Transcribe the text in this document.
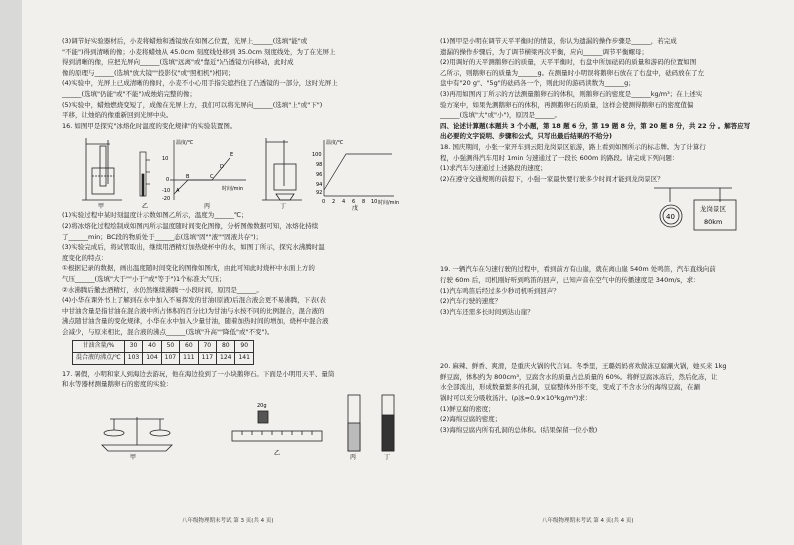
(3)调节好实验器材后，小麦将蜡烛和透镜放在如图乙位置，光屏上______(选填"能"或

"不能")得到清晰的像；小麦将蜡烛从 45.0cm 刻度线处移到 35.0cm 刻度线处，为了在光屏上

得到清晰的像，应把光屏向______(选填"远离"或"靠近")凸透镜方向移动，此时成

像的原理与______(选填"放大镜""投影仪"或"照相机")相同；

(4)实验中，光屏上已成清晰的像时，小麦不小心用手指尖遮挡住了凸透镜的一部分，这时光屏上

______(选填"仍能"或"不能")成烛焰完整的像；

(5)实验中，蜡烛燃烧变短了，成像在光屏上方，我们可以将光屏向______(选填"上"或"下")

平移，让烛焰的像重新回到光屏中央。

16. 如图甲是探究"冰熔化时温度的变化规律"的实验装置图。

温度/℃
时间/min
10
0
-10
-20
A
B	C
D
E
温度/℃
时间/min
100
98
96
94
92
0 2 4 6 8 10
甲	乙	丙	丁	戊

(1)实验过程中某时刻温度计示数如图乙所示，温度为______℃；

(2)将冰熔化过程绘制成如图丙所示温度随时间变化图像，分析图像数据可知，冰熔化持续

了______min；BC段的物质处于______态(选填"固""液""固液共存")；

(3)实验完成后，将试管取出，继续用酒精灯加热烧杯中的水，如图丁所示，探究水沸腾时温

度变化的特点：

①根据记录的数据，画出温度随时间变化的图像如图戊，由此可知此时烧杯中水面上方的

气压______(选填"大于""小于"或"等于")1个标准大气压；

②水沸腾后撤去酒精灯，水仍然继续沸腾一小段时间，原因是______。

(4)小华在课外书上了解到在水中加入不易挥发的甘油(原液)后混合液会更不易沸腾，下表(表

中甘油含量是指甘油在混合液中所占体积的百分比)为甘油与水按不同的比例混合，混合液的

沸点随甘油含量的变化规律，小华在水中加入少量甘油，随着加热时间的增加，烧杯中混合液

会减少，与原来相比，混合液的沸点______(选填"升高""降低"或"不变")。

甘油含量/%	30	40	50	60	70	80	90
混合液的沸点/℃	103	104	107	111	117	124	141

17. 暑假，小明和家人到海边去游玩，他在海边捡到了一小块鹅卵石。下面是小明用天平、量筒

和水等器材测量鹅卵石的密度的实验：

20g
甲
乙
丙	丁
八年级物理期末考试 第 3 页(共 4 页)

(1)图甲是小明在调节天平平衡时的情景，你认为遗漏的操作步骤是______，若完成

遗漏的操作步骤后，为了调节横梁再次平衡，应向______调节平衡螺母；

(2)用调好的天平测鹅卵石的质量，天平平衡时，右盘中所加砝码的质量和游码的位置如图

乙所示，则鹅卵石的质量为______g。在测量时小明误将鹅卵石放在了右盘中，砝码放在了左

盘中有"20 g"、"5g"的砝码各一个，则此时的游码读数为______g；

(3)再用如图丙丁所示的方法测量鹅卵石的体积，则鹅卵石的密度是______kg/m³；在上述实

验方案中，如果先测鹅卵石的体积，再测鹅卵石的质量，这样会使测得鹅卵石的密度值偏

______(选填"大"或"小")，原因是______。

四、论述计算题(本题共 3 个小题，第 18 题 6 分，第 19 题 8 分，第 20 题 8 分，共 22 分 。解答应写

出必要的文字说明、步骤和公式，只写出最后结果的不给分)

18. 国庆期间，小张一家开车到云阳龙岗景区旅游，路上看到如图所示的标志牌。为了计算行

程，小强测得汽车用时 1min 匀速通过了一段长 600m 的路段。请完成下列问题：

(1)求汽车匀速通过上述路段的速度；

(2)在遵守交通规则的前提下，小强一家最快要行驶多少时间才能到龙岗景区？

40
龙岗景区
80km

19. 一辆汽车在匀速行驶的过程中，看到前方有山崖，就在离山崖 540m 处鸣笛，汽车直线向前

行驶 60m 后，司机刚好听到鸣笛的回声，已知声音在空气中的传播速度是 340m/s，求：

(1)汽车鸣笛后经过多少秒司机听到回声？

(2)汽车行驶的速度？

(3)汽车还需多长时间到达山崖？

20. 麻辣、鲜香、爽滑，是重庆火锅的代言词。冬季里，王璐妈妈喜欢做冻豆腐涮火锅，她买来 1kg

鲜豆腐，体积约为 800cm³，豆腐含水的质量占总质量的 60%。将鲜豆腐冰冻后，然后化冻，让

水全部流出，形成数量繁多的孔洞，豆腐整体外形不变，变成了不含水分的海绵豆腐，在涮

锅时可以充分吸收汤汁。(ρ冰=0.9×10³kg/m³)求：

(1)鲜豆腐的密度；

(2)海绵豆腐的密度；

(3)海绵豆腐内所有孔洞的总体积。(结果保留一位小数)

八年级物理期末考试 第 4 页(共 4 页)
